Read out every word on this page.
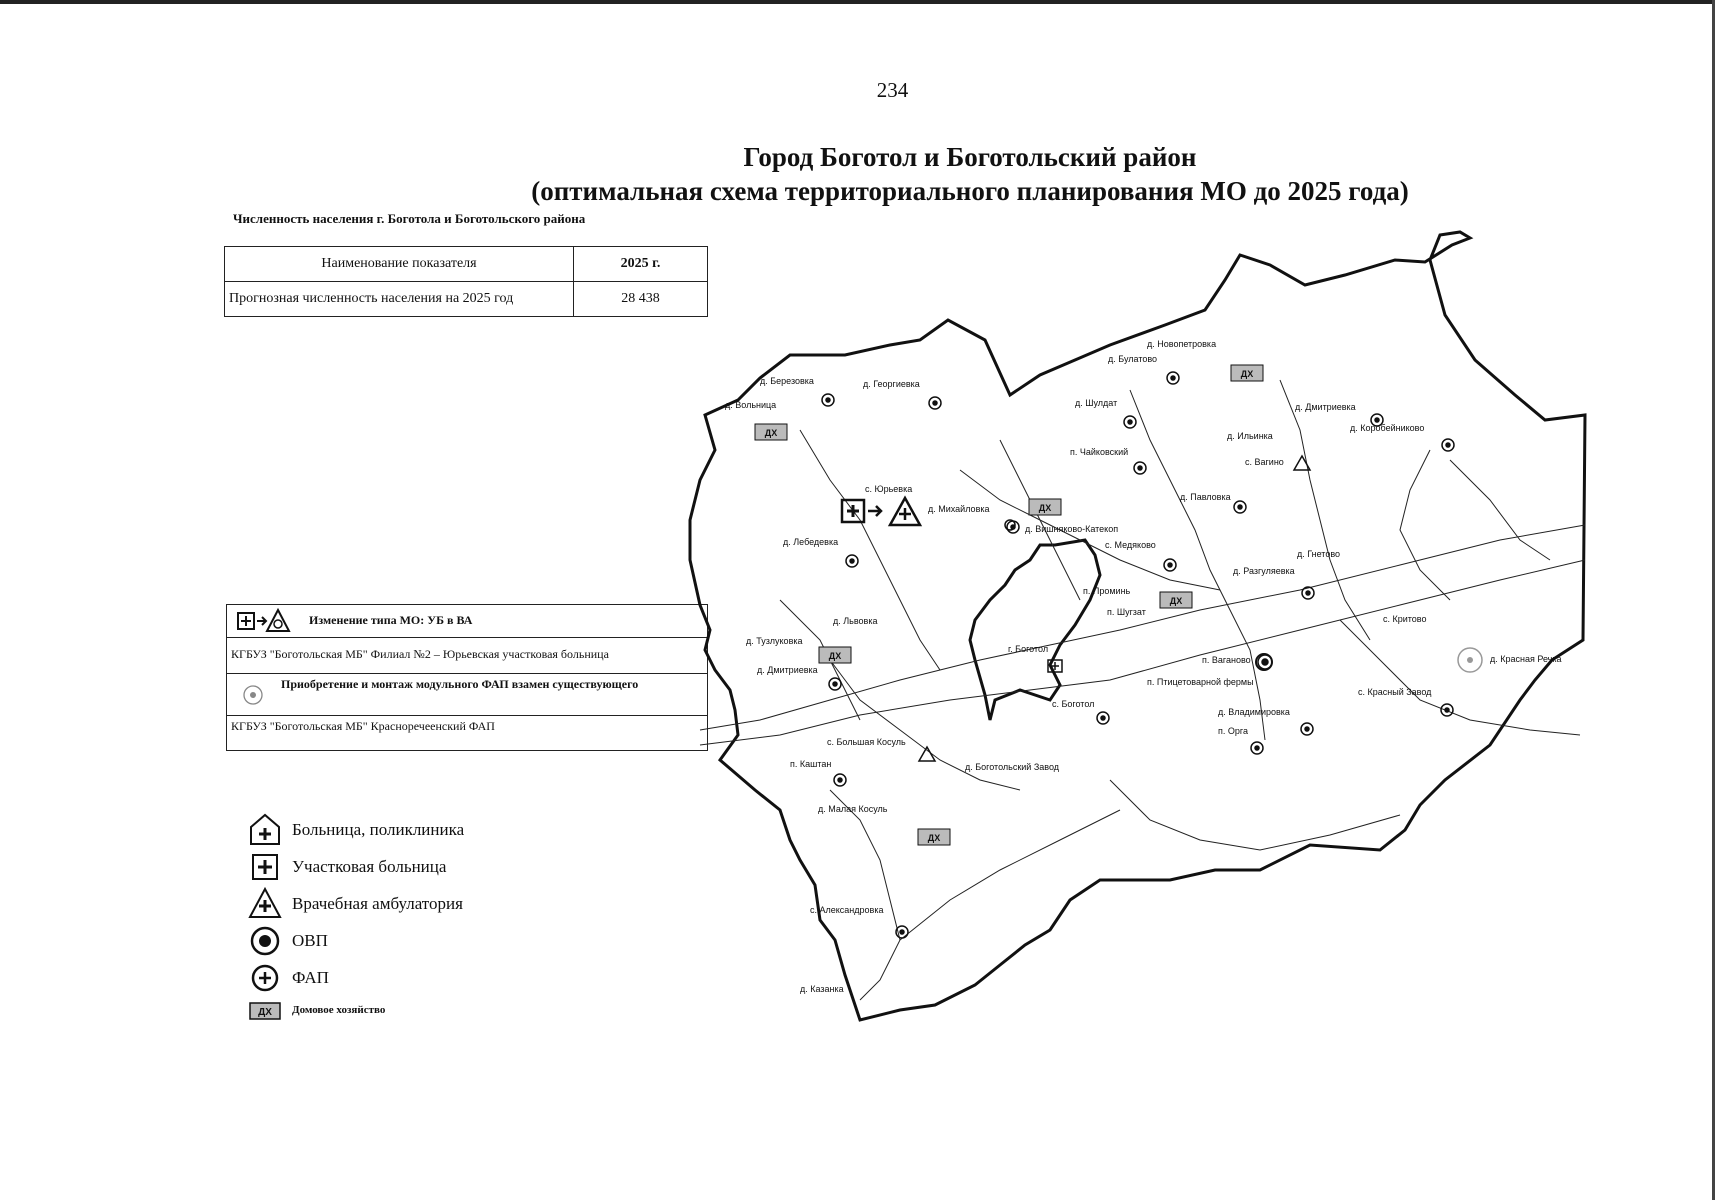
234
Город Боготол и Боготольский район
(оптимальная схема территориального планирования МО до 2025 года)
Численность населения г. Боготола и Боготольского района
Наименование показателя	2025 г.
Прогнозная численность населения на 2025 год	28 438
Изменение типа МО: УБ в ВА
КГБУЗ "Боготольская МБ" Филиал №2 – Юрьевская участковая больница
Приобретение и монтаж модульного ФАП взамен существующего
КГБУЗ "Боготольская МБ" Красноречеенский ФАП
Больница, поликлиника
Участковая больница
Врачебная амбулатория
ОВП
ФАП
ДХ Домовое хозяйство
д. Новопетровка
д. Булатово
д. Березовка	д. Георгиевка
д. Вольница	д. Шулдат	д. Дмитриевка
д. Коробейниково
д. Ильинка
п. Чайковский
с. Вагино
с. Юрьевка
д. Михайловка
д. Павловка
д. Лебедевка
д. Вишняково-Катекоп
с. Медяково
д. Гнетово
д. Разгуляевка
п. Проминь
п. Шугзат
д. Львовка
д. Тузлуковка
с. Критово
д. Дмитриевка
г. Боготол
п. Ваганово	д. Красная Речка
п. Птицетоварной фермы
с. Красный Завод
с. Боготол
д. Владимировка
п. Орга
с. Большая Косуль
п. Каштан	д. Боготольский Завод
д. Малая Косуль
с. Александровка
д. Казанка
ДХ
ДХ
ДХ
ДХ
ДХ
ДХ
